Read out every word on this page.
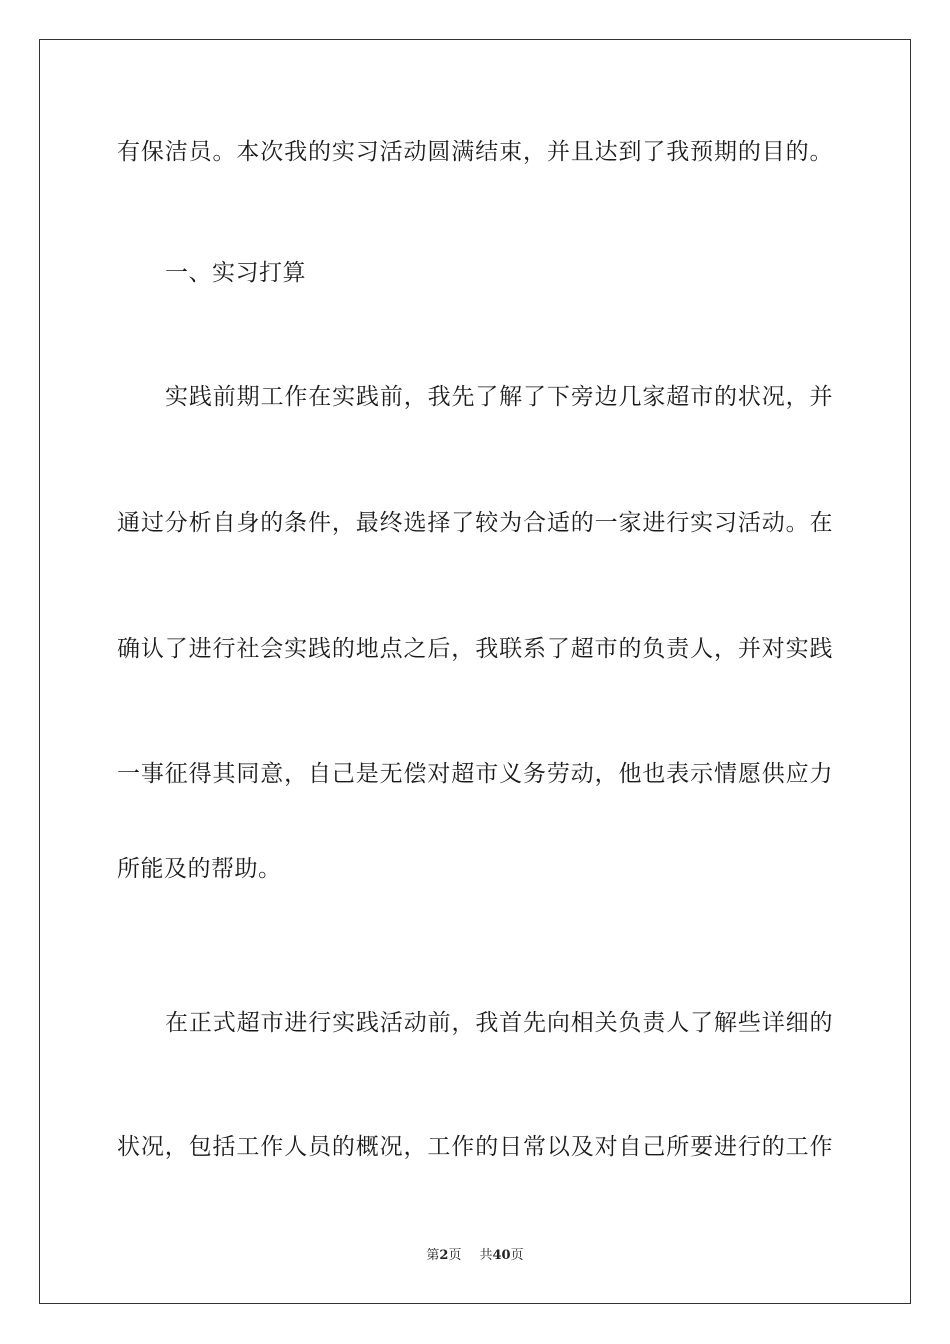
有保洁员。本次我的实习活动圆满结束，并且达到了我预期的目的。
一、实习打算
实践前期工作在实践前，我先了解了下旁边几家超市的状况，并
通过分析自身的条件，最终选择了较为合适的一家进行实习活动。在
确认了进行社会实践的地点之后，我联系了超市的负责人，并对实践
一事征得其同意，自己是无偿对超市义务劳动，他也表示情愿供应力
所能及的帮助。
在正式超市进行实践活动前，我首先向相关负责人了解些详细的
状况，包括工作人员的概况，工作的日常以及对自己所要进行的工作
第2页 共40页
